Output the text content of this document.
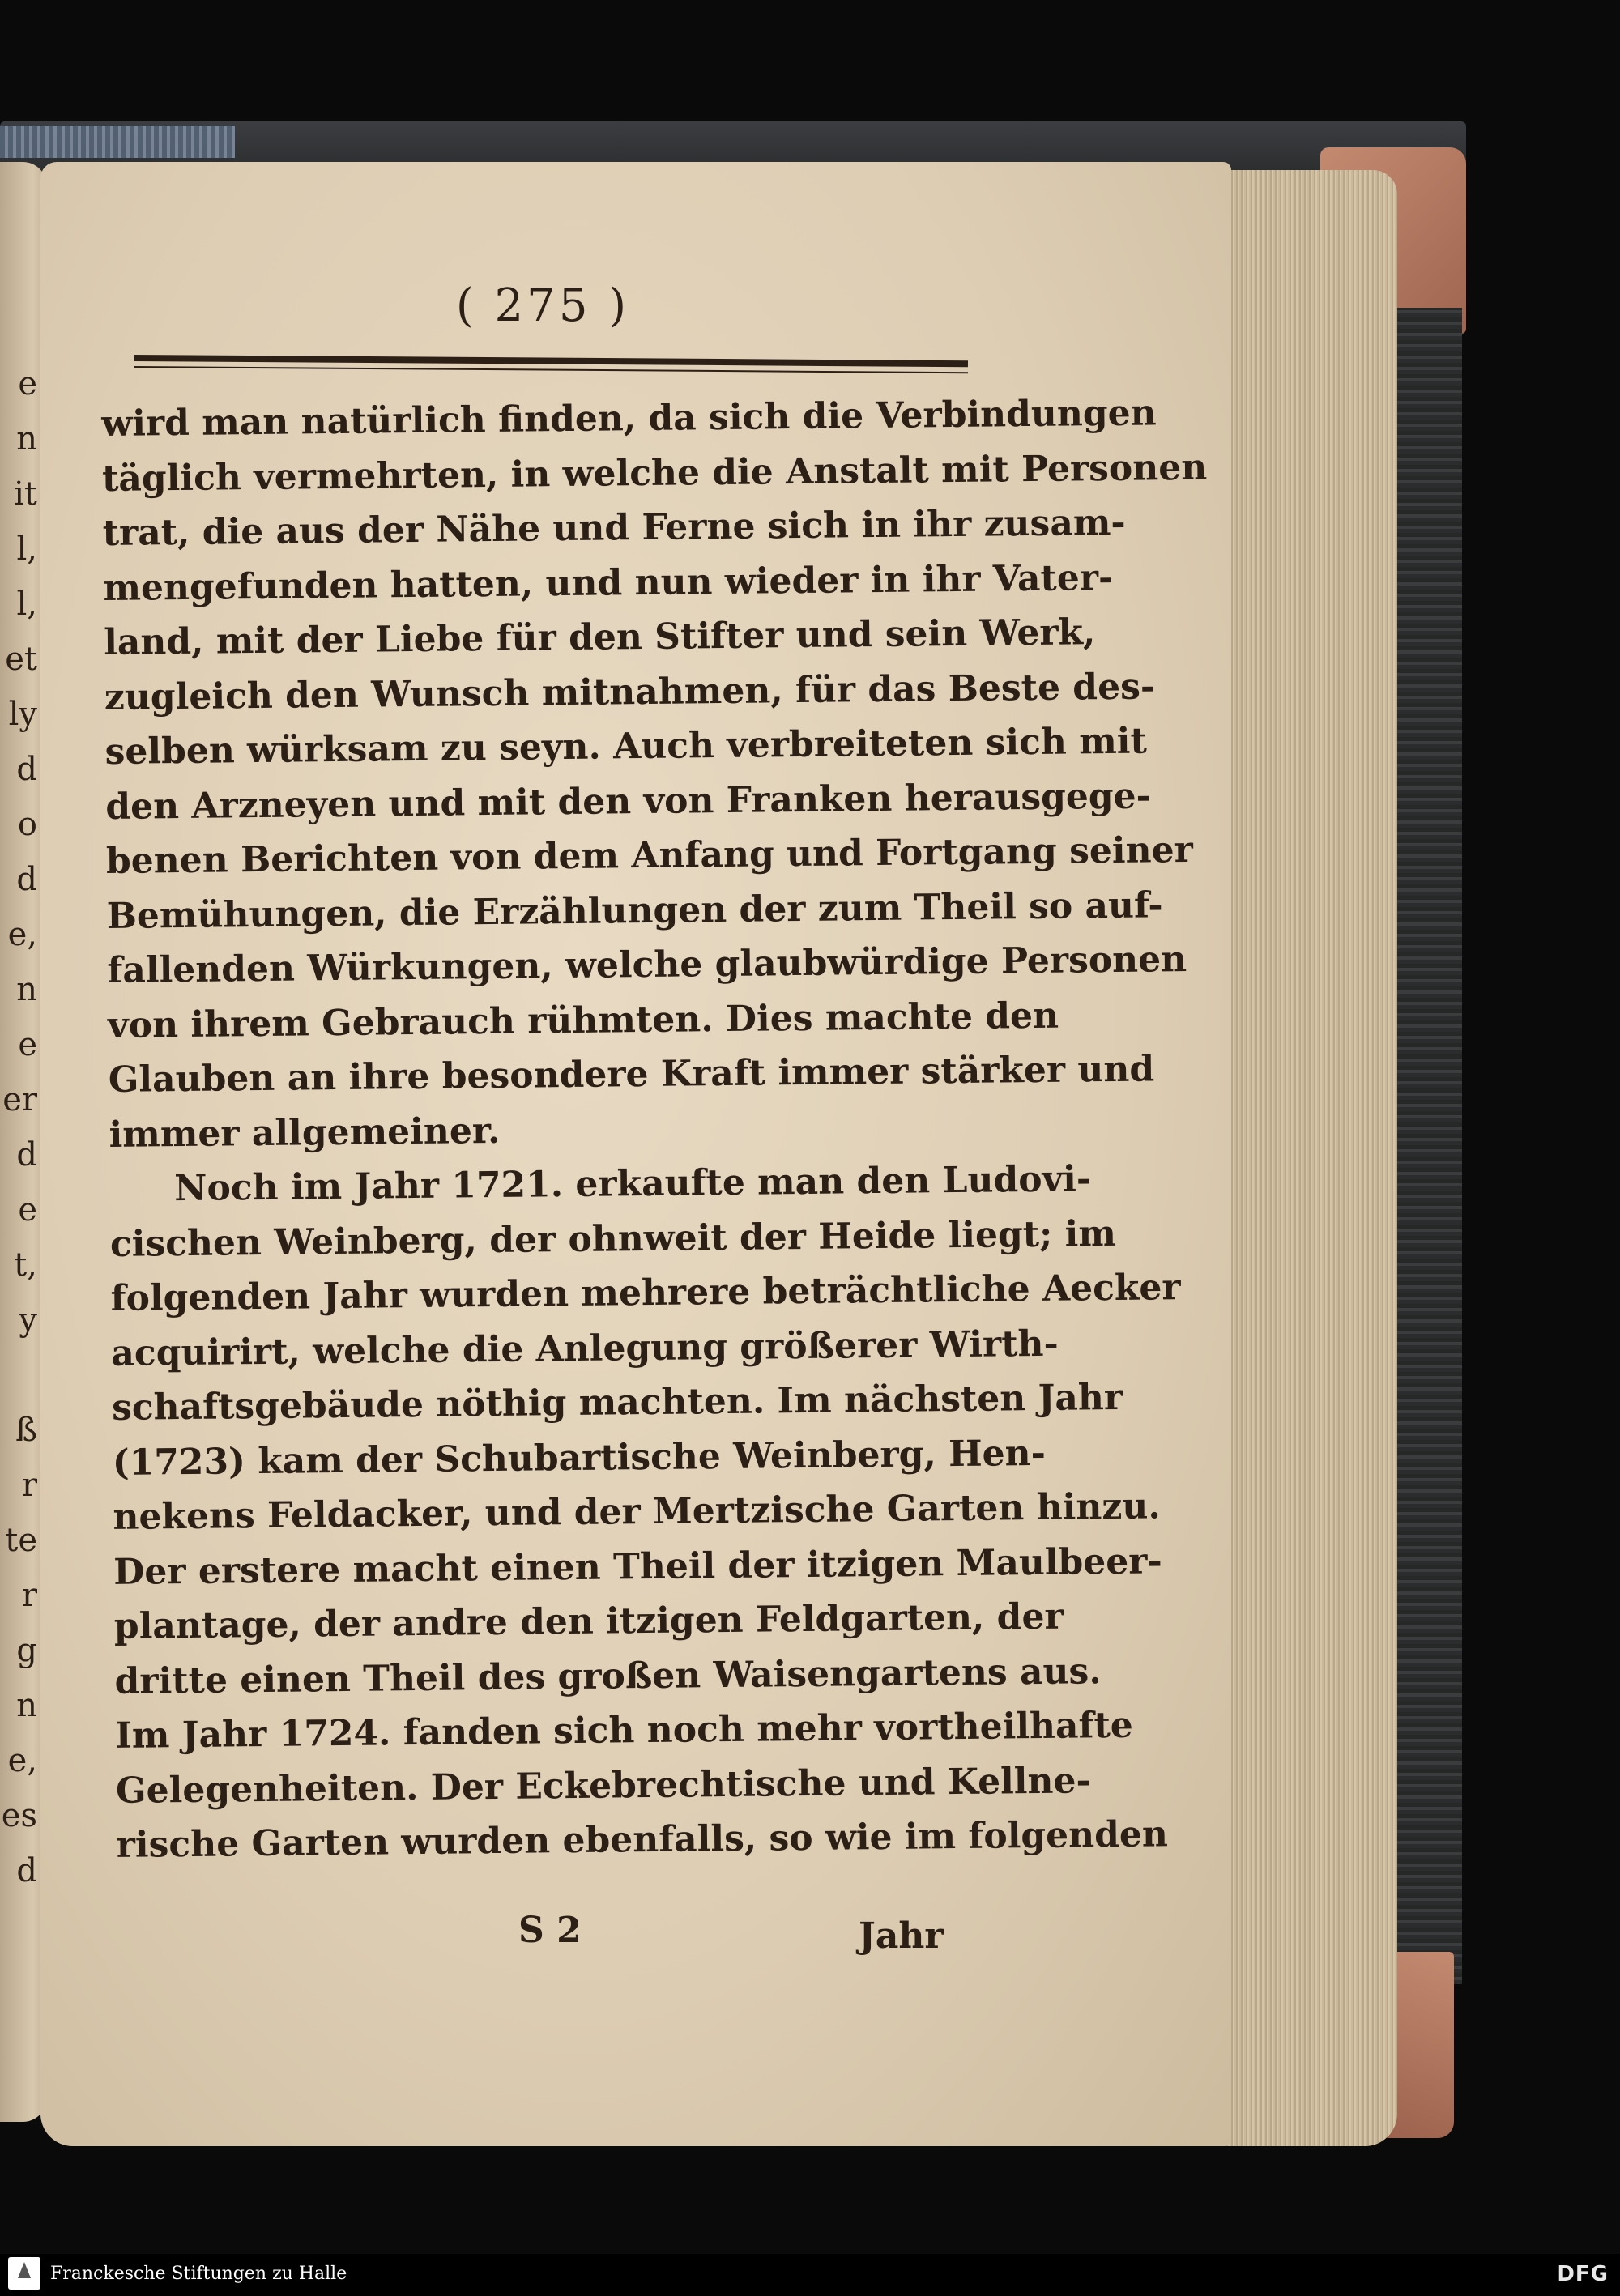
e
n
it
l,
l,
et
ly
d
o
d
e,
n
e
er
d
e
t,
y
ß
r
te
r
g
n
e,
es
d
( 275 )
wird man natürlich finden, da sich die Verbindungen
täglich vermehrten, in welche die Anstalt mit Personen
trat, die aus der Nähe und Ferne sich in ihr zusam-
mengefunden hatten, und nun wieder in ihr Vater-
land, mit der Liebe für den Stifter und sein Werk,
zugleich den Wunsch mitnahmen, für das Beste des-
selben würksam zu seyn. Auch verbreiteten sich mit
den Arzneyen und mit den von Franken herausgege-
benen Berichten von dem Anfang und Fortgang seiner
Bemühungen, die Erzählungen der zum Theil so auf-
fallenden Würkungen, welche glaubwürdige Personen
von ihrem Gebrauch rühmten. Dies machte den
Glauben an ihre besondere Kraft immer stärker und
immer allgemeiner.
Noch im Jahr 1721. erkaufte man den Ludovi-
cischen Weinberg, der ohnweit der Heide liegt; im
folgenden Jahr wurden mehrere beträchtliche Aecker
acquirirt, welche die Anlegung größerer Wirth-
schaftsgebäude nöthig machten. Im nächsten Jahr
(1723) kam der Schubartische Weinberg, Hen-
nekens Feldacker, und der Mertzische Garten hinzu.
Der erstere macht einen Theil der itzigen Maulbeer-
plantage, der andre den itzigen Feldgarten, der
dritte einen Theil des großen Waisengartens aus.
Im Jahr 1724. fanden sich noch mehr vortheilhafte
Gelegenheiten. Der Eckebrechtische und Kellne-
rische Garten wurden ebenfalls, so wie im folgenden
S 2	Jahr
Franckesche Stiftungen zu Halle	DFG
